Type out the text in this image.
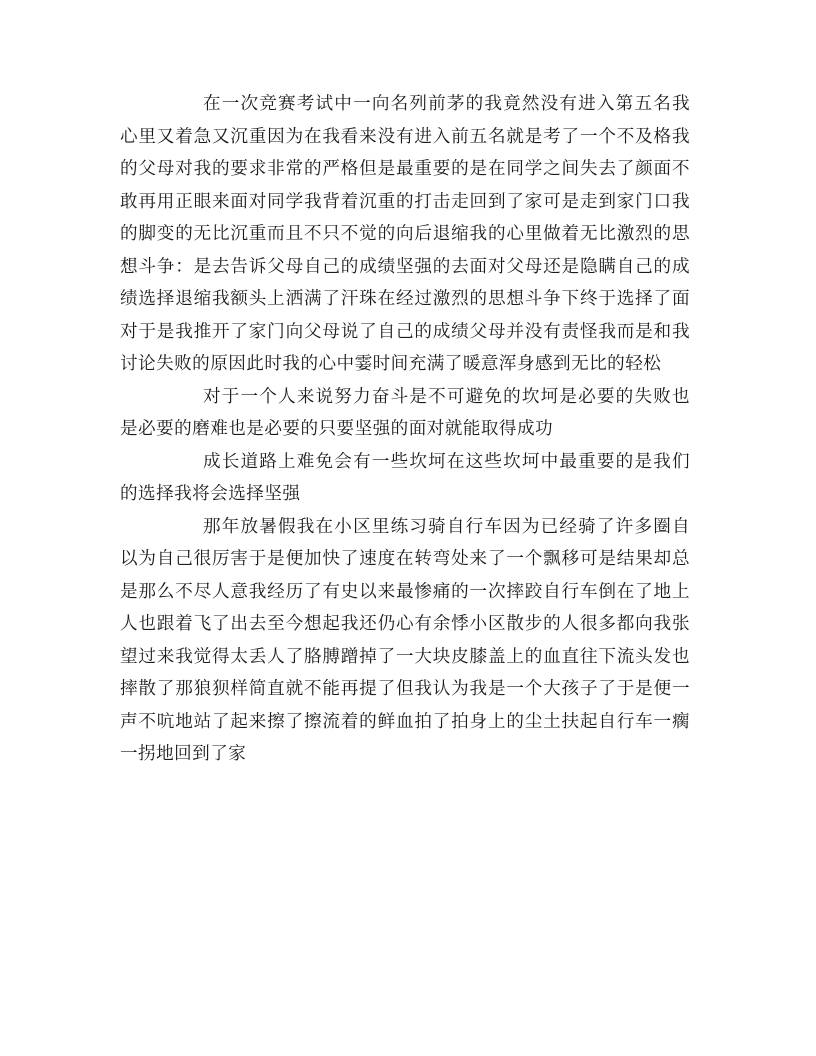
在一次竞赛考试中一向名列前茅的我竟然没有进入第五名我心里又着急又沉重因为在我看来没有进入前五名就是考了一个不及格我的父母对我的要求非常的严格但是最重要的是在同学之间失去了颜面不敢再用正眼来面对同学我背着沉重的打击走回到了家可是走到家门口我的脚变的无比沉重而且不只不觉的向后退缩我的心里做着无比激烈的思想斗争：是去告诉父母自己的成绩坚强的去面对父母还是隐瞒自己的成绩选择退缩我额头上洒满了汗珠在经过激烈的思想斗争下终于选择了面对于是我推开了家门向父母说了自己的成绩父母并没有责怪我而是和我讨论失败的原因此时我的心中霎时间充满了暖意浑身感到无比的轻松

对于一个人来说努力奋斗是不可避免的坎坷是必要的失败也是必要的磨难也是必要的只要坚强的面对就能取得成功

成长道路上难免会有一些坎坷在这些坎坷中最重要的是我们的选择我将会选择坚强

那年放暑假我在小区里练习骑自行车因为已经骑了许多圈自以为自己很厉害于是便加快了速度在转弯处来了一个飘移可是结果却总是那么不尽人意我经历了有史以来最惨痛的一次摔跤自行车倒在了地上人也跟着飞了出去至今想起我还仍心有余悸小区散步的人很多都向我张望过来我觉得太丢人了胳膊蹭掉了一大块皮膝盖上的血直往下流头发也摔散了那狼狈样简直就不能再提了但我认为我是一个大孩子了于是便一声不吭地站了起来擦了擦流着的鲜血拍了拍身上的尘土扶起自行车一瘸一拐地回到了家
